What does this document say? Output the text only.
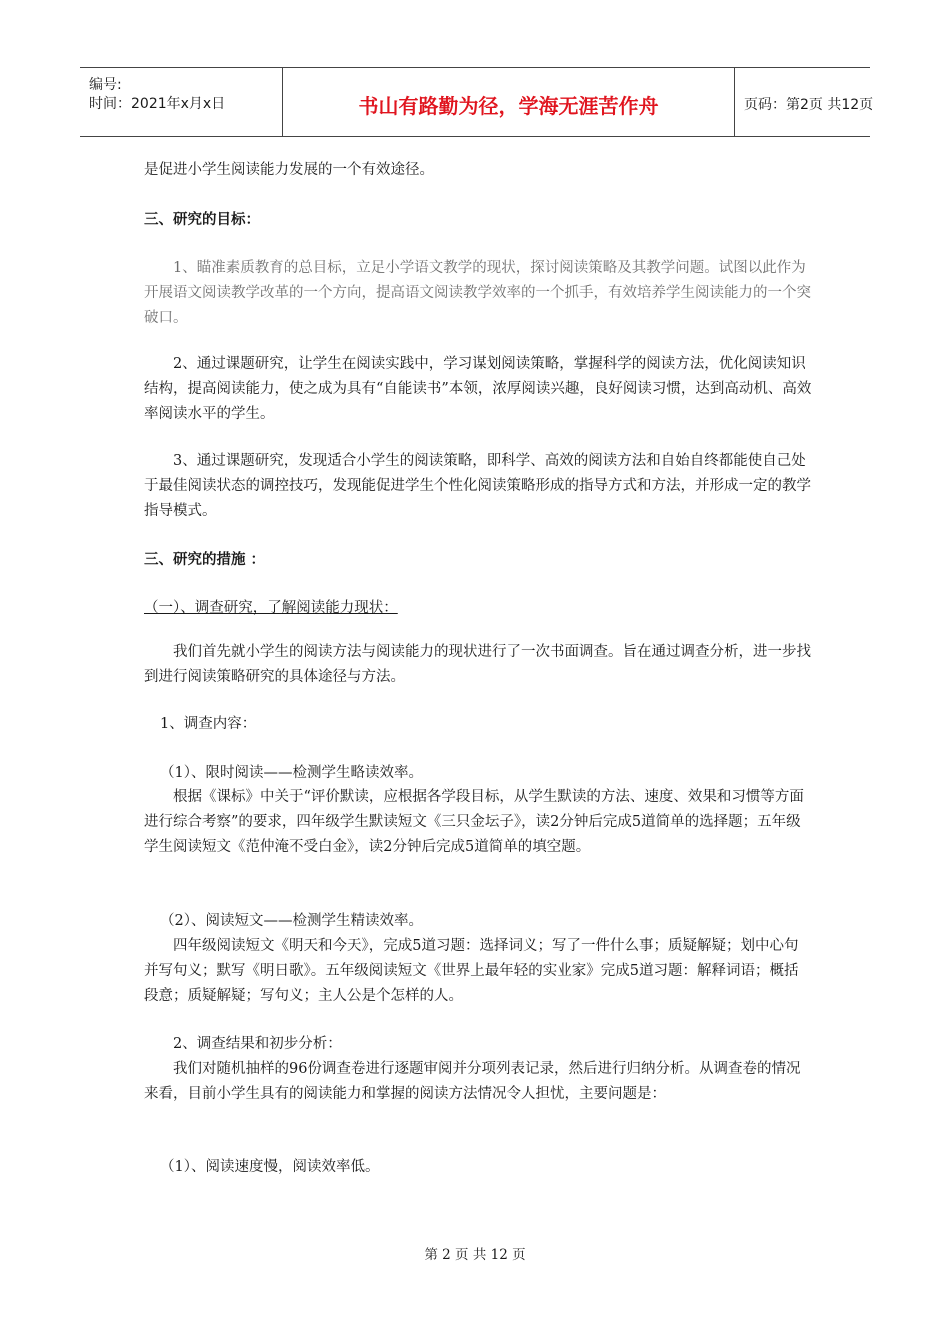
编号:
时间：2021年x月x日	书山有路勤为径，学海无涯苦作舟	页码：第2页 共12页

是促进小学生阅读能力发展的一个有效途径。

三、研究的目标：

1、瞄准素质教育的总目标，立足小学语文教学的现状，探讨阅读策略及其教学问题。试图以此作为开展语文阅读教学改革的一个方向，提高语文阅读教学效率的一个抓手，有效培养学生阅读能力的一个突破口。

2、通过课题研究，让学生在阅读实践中，学习谋划阅读策略，掌握科学的阅读方法，优化阅读知识结构，提高阅读能力，使之成为具有“自能读书”本领，浓厚阅读兴趣，良好阅读习惯，达到高动机、高效率阅读水平的学生。

3、通过课题研究，发现适合小学生的阅读策略，即科学、高效的阅读方法和自始自终都能使自己处于最佳阅读状态的调控技巧，发现能促进学生个性化阅读策略形成的指导方式和方法，并形成一定的教学指导模式。

三、研究的措施 ：

（一）、调查研究，了解阅读能力现状：

我们首先就小学生的阅读方法与阅读能力的现状进行了一次书面调查。旨在通过调查分析，进一步找到进行阅读策略研究的具体途径与方法。

1、调查内容：

（1）、限时阅读——检测学生略读效率。

根据《课标》中关于“评价默读，应根据各学段目标，从学生默读的方法、速度、效果和习惯等方面进行综合考察”的要求，四年级学生默读短文《三只金坛子》，读2分钟后完成5道简单的选择题；五年级学生阅读短文《范仲淹不受白金》，读2分钟后完成5道简单的填空题。

（2）、阅读短文——检测学生精读效率。

四年级阅读短文《明天和今天》，完成5道习题：选择词义；写了一件什么事；质疑解疑；划中心句并写句义；默写《明日歌》。五年级阅读短文《世界上最年轻的实业家》完成5道习题：解释词语；概括段意；质疑解疑；写句义；主人公是个怎样的人。

2、调查结果和初步分析：

我们对随机抽样的96份调查卷进行逐题审阅并分项列表记录，然后进行归纳分析。从调查卷的情况来看，目前小学生具有的阅读能力和掌握的阅读方法情况令人担忧，主要问题是：

（1）、阅读速度慢，阅读效率低。

第 2 页 共 12 页
